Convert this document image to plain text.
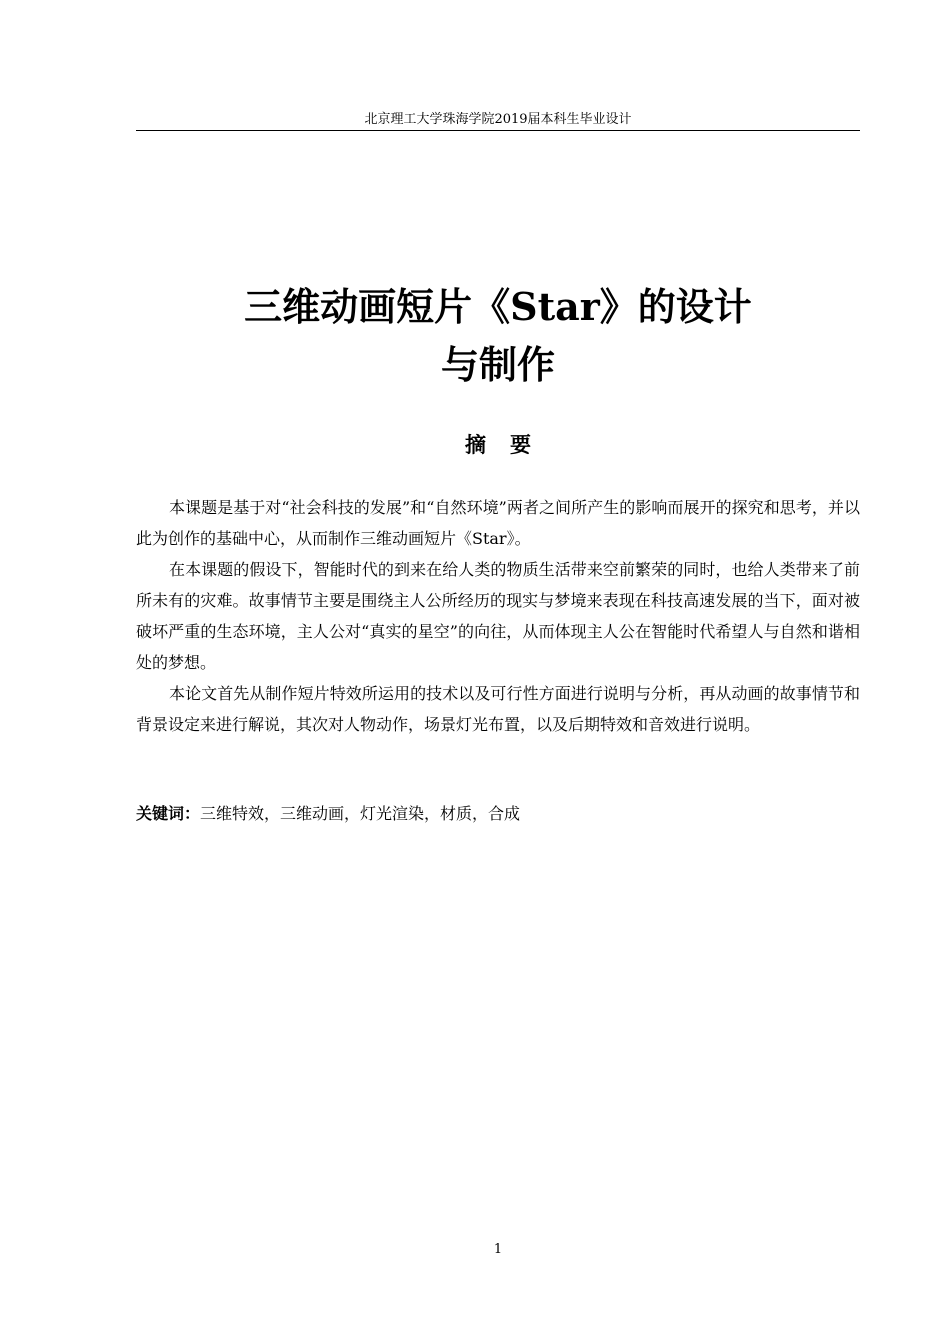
北京理工大学珠海学院2019届本科生毕业设计
三维动画短片《Star》的设计
与制作
摘要

本课题是基于对“社会科技的发展”和“自然环境”两者之间所产生的影响而展开的探究和思考，并以此为创作的基础中心，从而制作三维动画短片《Star》。

在本课题的假设下，智能时代的到来在给人类的物质生活带来空前繁荣的同时，也给人类带来了前所未有的灾难。故事情节主要是围绕主人公所经历的现实与梦境来表现在科技高速发展的当下，面对被破坏严重的生态环境，主人公对“真实的星空”的向往，从而体现主人公在智能时代希望人与自然和谐相处的梦想。

本论文首先从制作短片特效所运用的技术以及可行性方面进行说明与分析，再从动画的故事情节和背景设定来进行解说，其次对人物动作，场景灯光布置，以及后期特效和音效进行说明。

关键词：三维特效，三维动画，灯光渲染，材质，合成
1
